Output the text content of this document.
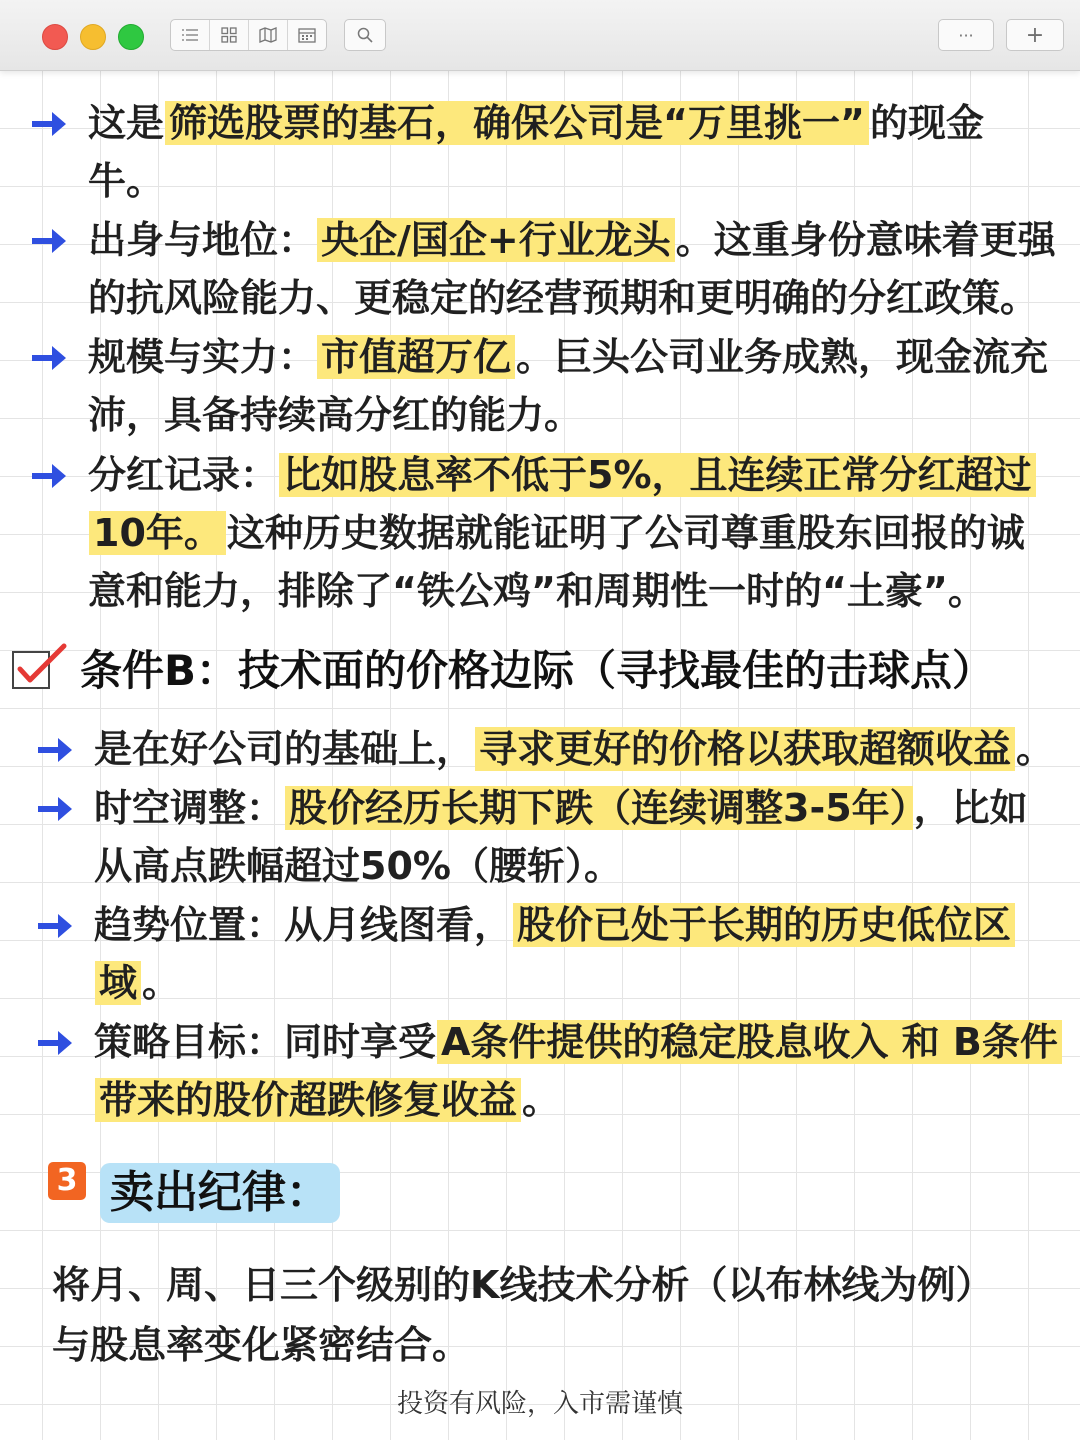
··· +
这是 筛选股票的基石，确保公司是“万里挑一” 的现金
牛。
出身与地位： 央企/国企+行业龙头 。这重身份意味着更强
的抗风险能力、更稳定的经营预期和更明确的分红政策。
规模与实力： 市值超万亿 。巨头公司业务成熟，现金流充
沛，具备持续高分红的能力。
分红记录： 比如股息率不低于5%，且连续正常分红超过
10年。 这种历史数据就能证明了公司尊重股东回报的诚
意和能力，排除了“铁公鸡”和周期性一时的“土豪”。
条件B：技术面的价格边际（寻找最佳的击球点）
是在好公司的基础上， 寻求更好的价格以获取超额收益 。
时空调整： 股价经历长期下跌（连续调整3-5年） ，比如
从高点跌幅超过50%（腰斩）。
趋势位置：从月线图看， 股价已处于长期的历史低位区
域 。
策略目标：同时享受 A条件提供的稳定股息收入 和 B条件
带来的股价超跌修复收益 。
3 卖出纪律：
将月、周、日三个级别的K线技术分析（以布林线为例）
与股息率变化紧密结合。
投资有风险，入市需谨慎
